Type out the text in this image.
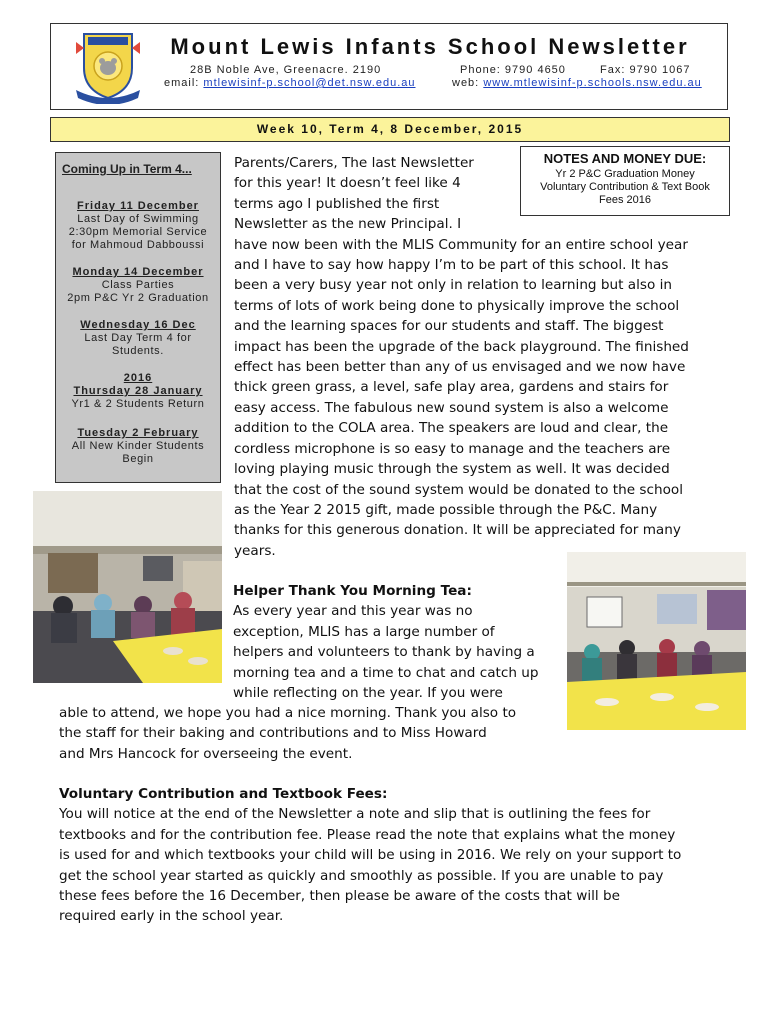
Mount Lewis Infants School Newsletter
28B Noble Ave, Greenacre. 2190	Phone: 9790 4650	Fax: 9790 1067
email: mtlewisinf-p.school@det.nsw.edu.au	web: www.mtlewisinf-p.schools.nsw.edu.au
Week 10, Term 4, 8 December, 2015
Coming Up in Term 4...
Friday 11 December
Last Day of Swimming
2:30pm Memorial Service
for Mahmoud Dabboussi
Monday 14 December
Class Parties
2pm P&C Yr 2 Graduation
Wednesday 16 Dec
Last Day Term 4 for
Students.
2016
Thursday 28 January
Yr1 & 2 Students Return
Tuesday 2 February
All New Kinder Students
Begin
NOTES AND MONEY DUE:
Yr 2 P&C Graduation Money
Voluntary Contribution & Text Book
Fees 2016
Parents/Carers, The last Newsletter
for this year! It doesn’t feel like 4
terms ago I published the first
Newsletter as the new Principal. I
have now been with the MLIS Community for an entire school year
and I have to say how happy I’m to be part of this school. It has
been a very busy year not only in relation to learning but also in
terms of lots of work being done to physically improve the school
and the learning spaces for our students and staff. The biggest
impact has been the upgrade of the back playground. The finished
effect has been better than any of us envisaged and we now have
thick green grass, a level, safe play area, gardens and stairs for
easy access. The fabulous new sound system is also a welcome
addition to the COLA area. The speakers are loud and clear, the
cordless microphone is so easy to manage and the teachers are
loving playing music through the system as well. It was decided
that the cost of the sound system would be donated to the school
as the Year 2 2015 gift, made possible through the P&C. Many
thanks for this generous donation. It will be appreciated for many
years.
Helper Thank You Morning Tea:
As every year and this year was no
exception, MLIS has a large number of
helpers and volunteers to thank by having a
morning tea and a time to chat and catch up
while reflecting on the year. If you were
able to attend, we hope you had a nice morning. Thank you also to
the staff for their baking and contributions and to Miss Howard
and Mrs Hancock for overseeing the event.
Voluntary Contribution and Textbook Fees:
You will notice at the end of the Newsletter a note and slip that is outlining the fees for
textbooks and for the contribution fee. Please read the note that explains what the money
is used for and which textbooks your child will be using in 2016. We rely on your support to
get the school year started as quickly and smoothly as possible. If you are unable to pay
these fees before the 16 December, then please be aware of the costs that will be
required early in the school year.
